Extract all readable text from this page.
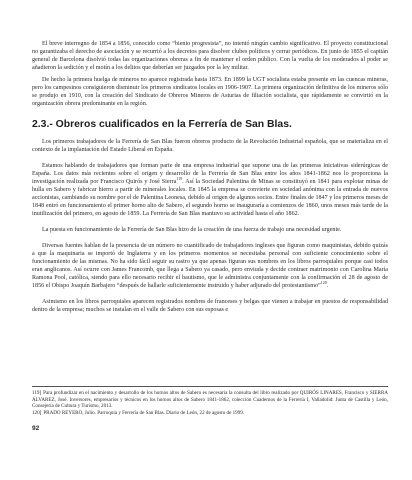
El breve interregno de 1854 a 1856, conocido como “bienio progresista”, no intentó ningún cambio significativo. El proyecto constitucional no garantizaba el derecho de asociación y se recurrió a los decretos para disolver clubes políticos y cerrar periódicos. En junio de 1855 el capitán general de Barcelona disolvió todas las organizaciones obreras a fin de mantener el orden público. Con la vuelta de los moderados al poder se añadieron la sedición y el motín a los delitos que deberían ser juzgados por la ley militar.

De hecho la primera huelga de mineros no aparece registrada hasta 1873. En 1899 la UGT socialista estaba presente en las cuencas mineras, pero los campesinos consiguieron disminuir los primeros sindicatos locales en 1906-1907. La primera organización definitiva de los mineros sólo se produjo en 1910, con la creación del Sindicato de Obreros Mineros de Asturias de filiación socialista, que rápidamente se convirtió en la organización obrera predominante en la región.

2.3.- Obreros cualificados en la Ferrería de San Blas.

Los primeros trabajadores de la Ferrería de San Blas fueron obreros producto de la Revolución Industrial española, que se materializa en el contexto de la implantación del Estado Liberal en España.

Estamos hablando de trabajadores que forman parte de una empresa industrial que supone una de las primeras iniciativas siderúrgicas de España. Los datos más recientes sobre el origen y desarrollo de la Ferrería de San Blas entre los años 1841-1862 nos lo proporciona la investigación realizada por Francisco Quirós y José Sierra$^{119}$. Así la Sociedad Palentina de Minas se constituyó en 1841 para explotar minas de hulla en Sabero y fabricar hierro a partir de minerales locales. En 1845 la empresa se convierte en sociedad anónima con la entrada de nuevos accionistas, cambiando su nombre por el de Palentina Leonesa, debido al origen de algunos socios. Entre finales de 1847 y los primeros meses de 1848 entró en funcionamiento el primer horno alto de Sabero, el segundo horno se inauguraría a comienzos de 1860, unos meses más tarde de la inutilización del primero, en agosto de 1859. La Ferrería de San Blas mantuvo su actividad hasta el año 1862.

La puesta en funcionamiento de la Ferrería de San Blas hizo de la creación de una fuerza de trabajo una necesidad urgente.

Diversas fuentes hablan de la presencia de un número no cuantificado de trabajadores ingleses que figuran como maquinistas, debido quizás a que la maquinaria se importó de Inglaterra y en los primeros momentos se necesitaba personal con suficiente conocimiento sobre el funcionamiento de las mismas. No ha sido fácil seguir su rastro ya que apenas figuran sus nombres en los libros parroquiales porque casi todos eran anglicanos. Así ocurre con James Francomb, que llega a Sabero ya casado, pero enviuda y decide contraer matrimonio con Carolina María Ramona Pool, católica, siendo para ello necesario recibir el bautismo, que le administra conjuntamente con la confirmación el 28 de agosto de 1856 el Obispo Joaquín Barbajero “después de hallarle suficientemente instruido y haber adjurado del protestantismo”$^{120}$.

Asimismo en los libros parroquiales aparecen registrados nombres de franceses y belgas que vienen a trabajar en puestos de responsabilidad dentro de la empresa; muchos se instalan en el valle de Sabero con sus esposas e

119] Para profundizar en el nacimiento y desarrollo de los hornos altos de Sabero es necesaria la consulta del libro realizado por QUIRÓS LINARES, Francisco y SIERRA ÁLVAREZ, José. Inversores, empresarios y técnicos en los hornos altos de Sabero 1841-1862, colección Cuadernos de la Ferrería I, Valladolid: Junta de Castilla y León, Consejería de Cultura y Turismo, 2013.

120] PRADO REYERO, Julio. Parroquia y Ferrería de San Blas. Diario de León, 22 de agosto de 1999.

92
